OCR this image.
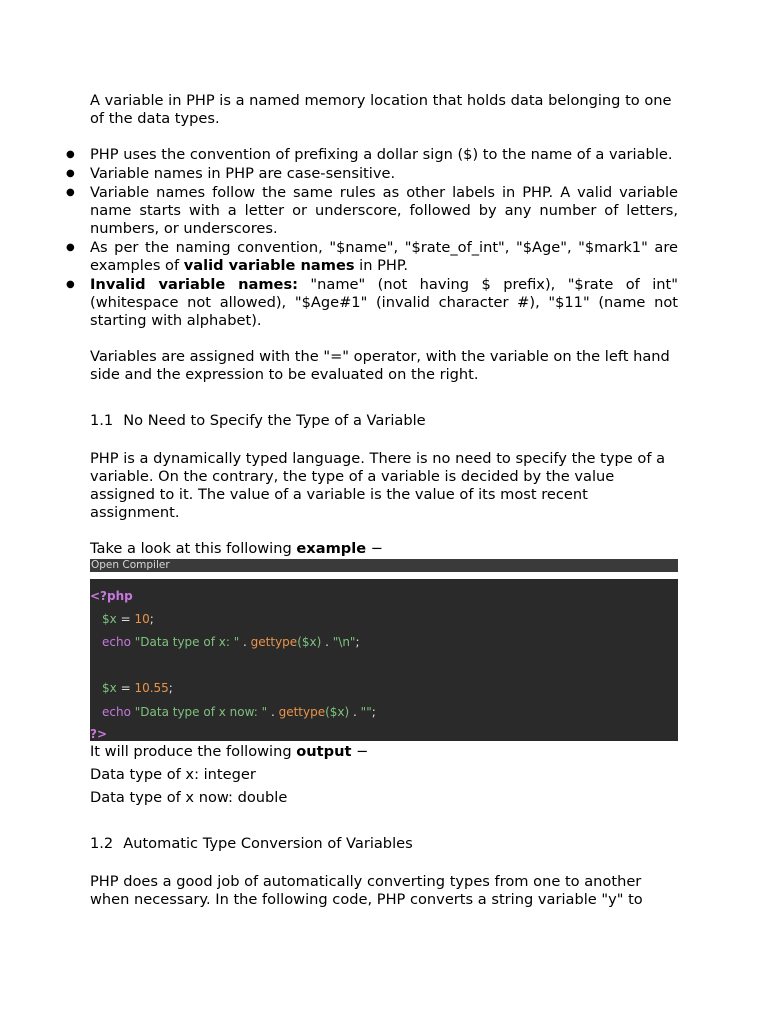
A variable in PHP is a named memory location that holds data belonging to one of the data types.

● PHP uses the convention of prefixing a dollar sign ($) to the name of a variable.
● Variable names in PHP are case-sensitive.
● Variable names follow the same rules as other labels in PHP. A valid variable name starts with a letter or underscore, followed by any number of letters, numbers, or underscores.
● As per the naming convention, "$name", "$rate_of_int", "$Age", "$mark1" are examples of valid variable names in PHP.
● Invalid variable names: "name" (not having $ prefix), "$rate of int" (whitespace not allowed), "$Age#1" (invalid character #), "$11" (name not starting with alphabet).

Variables are assigned with the "=" operator, with the variable on the left hand side and the expression to be evaluated on the right.

1.1 No Need to Specify the Type of a Variable

PHP is a dynamically typed language. There is no need to specify the type of a variable. On the contrary, the type of a variable is decided by the value assigned to it. The value of a variable is the value of its most recent assignment.

Take a look at this following example −

Open Compiler
<?php
$x = 10;
echo "Data type of x: " . gettype($x) . "\n";
$x = 10.55;
echo "Data type of x now: " . gettype($x) . "";
?>

It will produce the following output −

Data type of x: integer

Data type of x now: double

1.2 Automatic Type Conversion of Variables

PHP does a good job of automatically converting types from one to another when necessary. In the following code, PHP converts a string variable "y" to
